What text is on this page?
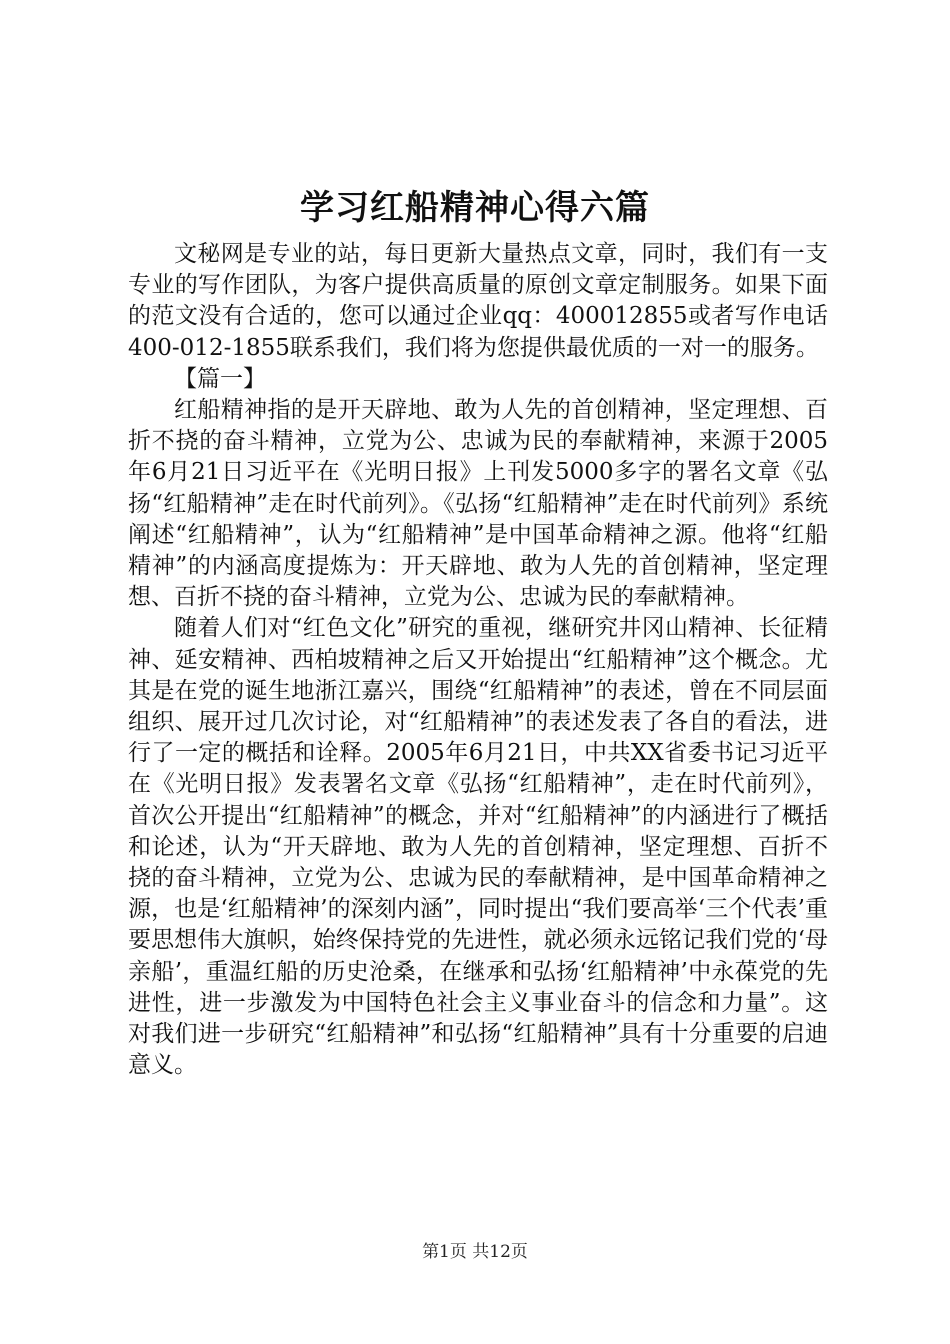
学习红船精神心得六篇

文秘网是专业的站，每日更新大量热点文章，同时，我们有一支专业的写作团队，为客户提供高质量的原创文章定制服务。如果下面的范文没有合适的，您可以通过企业qq：400012855或者写作电话400-012-1855联系我们，我们将为您提供最优质的一对一的服务。

【篇一】

红船精神指的是开天辟地、敢为人先的首创精神，坚定理想、百折不挠的奋斗精神，立党为公、忠诚为民的奉献精神，来源于2005年6月21日习近平在《光明日报》上刊发5000多字的署名文章《弘扬“红船精神”走在时代前列》。《弘扬“红船精神”走在时代前列》系统阐述“红船精神”，认为“红船精神”是中国革命精神之源。他将“红船精神”的内涵高度提炼为：开天辟地、敢为人先的首创精神，坚定理想、百折不挠的奋斗精神，立党为公、忠诚为民的奉献精神。

随着人们对“红色文化”研究的重视，继研究井冈山精神、长征精神、延安精神、西柏坡精神之后又开始提出“红船精神”这个概念。尤其是在党的诞生地浙江嘉兴，围绕“红船精神”的表述，曾在不同层面组织、展开过几次讨论，对“红船精神”的表述发表了各自的看法，进行了一定的概括和诠释。2005年6月21日，中共XX省委书记习近平在《光明日报》发表署名文章《弘扬“红船精神”，走在时代前列》，首次公开提出“红船精神”的概念，并对“红船精神”的内涵进行了概括和论述，认为“开天辟地、敢为人先的首创精神，坚定理想、百折不挠的奋斗精神，立党为公、忠诚为民的奉献精神，是中国革命精神之源，也是‘红船精神’的深刻内涵”，同时提出“我们要高举‘三个代表’重要思想伟大旗帜，始终保持党的先进性，就必须永远铭记我们党的‘母亲船’，重温红船的历史沧桑，在继承和弘扬‘红船精神’中永葆党的先进性，进一步激发为中国特色社会主义事业奋斗的信念和力量”。这对我们进一步研究“红船精神”和弘扬“红船精神”具有十分重要的启迪意义。

第1页 共12页
